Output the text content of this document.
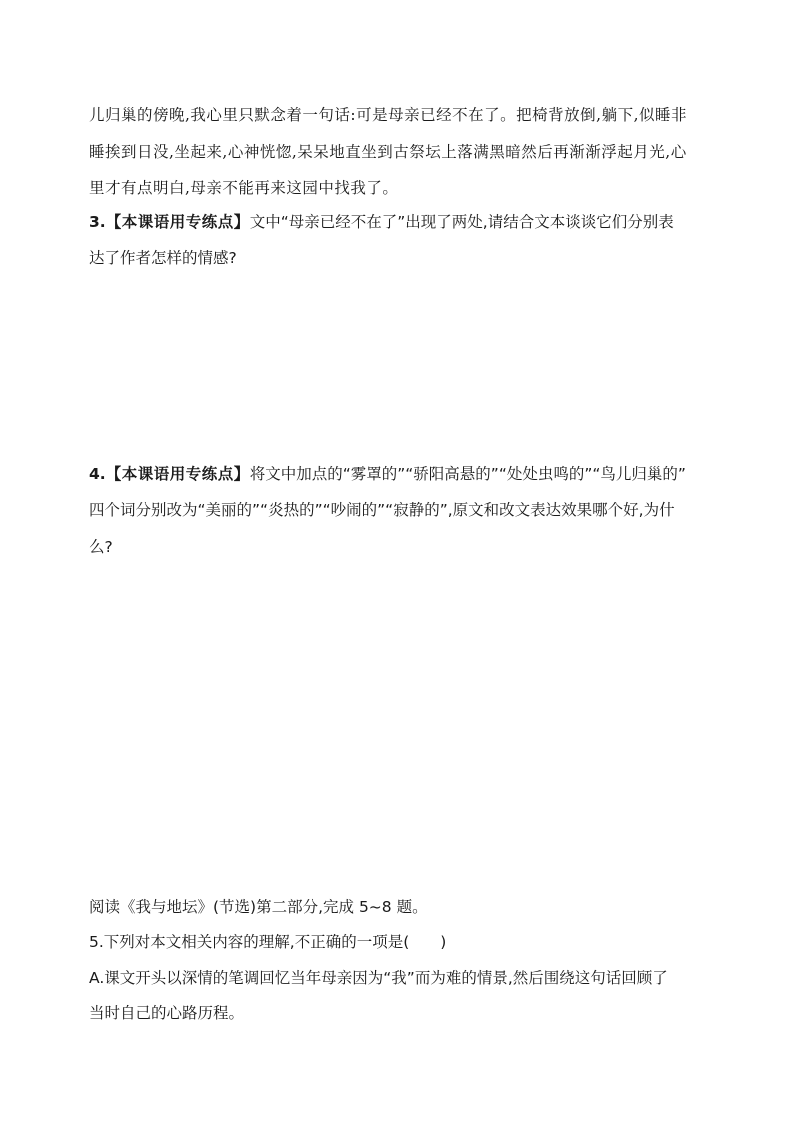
儿归巢的傍晚,我心里只默念着一句话:可是母亲已经不在了。把椅背放倒,躺下,似睡非
睡挨到日没,坐起来,心神恍惚,呆呆地直坐到古祭坛上落满黑暗然后再渐渐浮起月光,心
里才有点明白,母亲不能再来这园中找我了。
3.【本课语用专练点】文中“母亲已经不在了”出现了两处,请结合文本谈谈它们分别表
达了作者怎样的情感?
4.【本课语用专练点】将文中加点的“雾罩的”“骄阳高悬的”“处处虫鸣的”“鸟儿归巢的”
四个词分别改为“美丽的”“炎热的”“吵闹的”“寂静的”,原文和改文表达效果哪个好,为什
么?
阅读《我与地坛》(节选)第二部分,完成 5~8 题。
5.下列对本文相关内容的理解,不正确的一项是(　　)
A.课文开头以深情的笔调回忆当年母亲因为“我”而为难的情景,然后围绕这句话回顾了
当时自己的心路历程。
